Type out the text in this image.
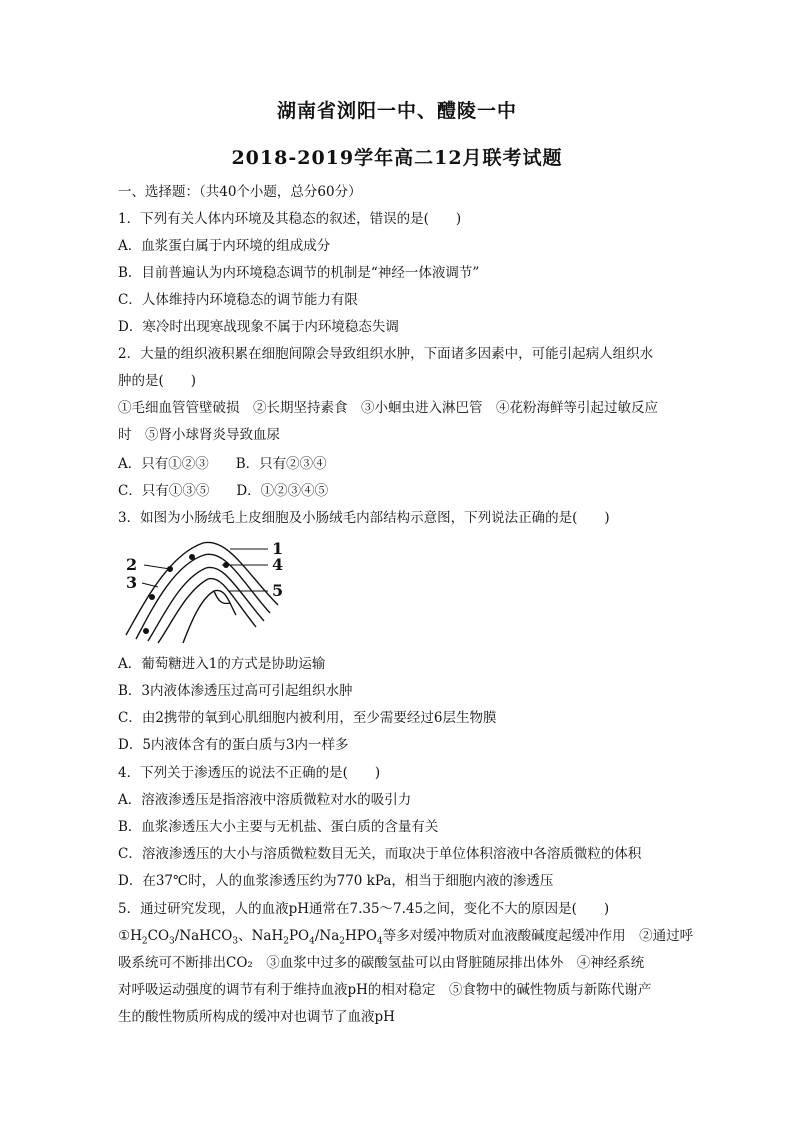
湖南省浏阳一中、醴陵一中
2018-2019学年高二12月联考试题
一、选择题：（共40个小题，总分60分）
1．下列有关人体内环境及其稳态的叙述，错误的是(　　)
A．血浆蛋白属于内环境的组成成分
B．目前普遍认为内环境稳态调节的机制是“神经一体液调节”
C．人体维持内环境稳态的调节能力有限
D．寒冷时出现寒战现象不属于内环境稳态失调
2．大量的组织液积累在细胞间隙会导致组织水肿，下面诸多因素中，可能引起病人组织水
肿的是(　　)
①毛细血管管壁破损　②长期坚持素食　③小蛔虫进入淋巴管　④花粉海鲜等引起过敏反应
时　⑤肾小球肾炎导致血尿
A．只有①②③　　B．只有②③④
C．只有①③⑤　　D．①②③④⑤
3．如图为小肠绒毛上皮细胞及小肠绒毛内部结构示意图，下列说法正确的是(　　)
1
4
5
2
3
A．葡萄糖进入1的方式是协助运输
B．3内液体渗透压过高可引起组织水肿
C．由2携带的氧到心肌细胞内被利用，至少需要经过6层生物膜
D．5内液体含有的蛋白质与3内一样多
4．下列关于渗透压的说法不正确的是(　　)
A．溶液渗透压是指溶液中溶质微粒对水的吸引力
B．血浆渗透压大小主要与无机盐、蛋白质的含量有关
C．溶液渗透压的大小与溶质微粒数目无关，而取决于单位体积溶液中各溶质微粒的体积
D．在37℃时，人的血浆渗透压约为770 kPa，相当于细胞内液的渗透压
5．通过研究发现，人的血液pH通常在7.35～7.45之间，变化不大的原因是(　　)
$①H_2CO_3/NaHCO_3$、$NaH_2PO_4/Na_2HPO_4$等多对缓冲物质对血液酸碱度起缓冲作用　②通过呼
吸系统可不断排出CO₂　③血浆中过多的碳酸氢盐可以由肾脏随尿排出体外　④神经系统
对呼吸运动强度的调节有利于维持血液pH的相对稳定　⑤食物中的碱性物质与新陈代谢产
生的酸性物质所构成的缓冲对也调节了血液pH
